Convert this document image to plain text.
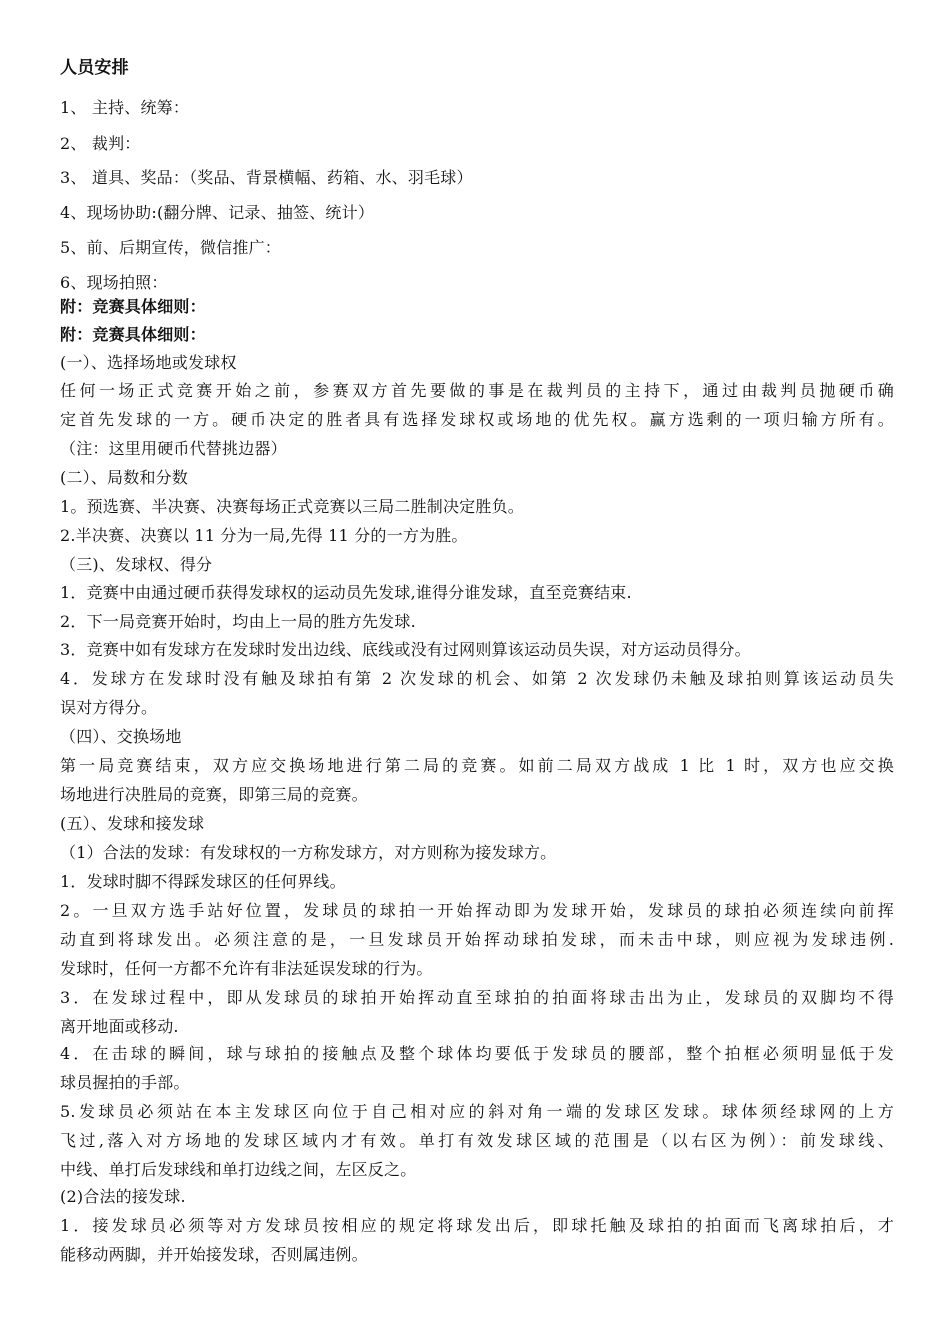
人员安排
1、 主持、统筹：
2、 裁判：
3、 道具、奖品：（奖品、背景横幅、药箱、水、羽毛球）
4、现场协助:(翻分牌、记录、抽签、统计）
5、前、后期宣传，微信推广：
6、现场拍照：
附：竞赛具体细则：
附：竞赛具体细则：
(一）、选择场地或发球权
任何一场正式竞赛开始之前，参赛双方首先要做的事是在裁判员的主持下，通过由裁判员抛硬币确
定首先发球的一方。硬币决定的胜者具有选择发球权或场地的优先权。赢方选剩的一项归输方所有。
（注：这里用硬币代替挑边器）
(二）、局数和分数
1。预选赛、半决赛、决赛每场正式竞赛以三局二胜制决定胜负。
2.半决赛、决赛以 11 分为一局,先得 11 分的一方为胜。
（三)、发球权、得分
1．竞赛中由通过硬币获得发球权的运动员先发球,谁得分谁发球，直至竞赛结束.
2．下一局竞赛开始时，均由上一局的胜方先发球.
3．竞赛中如有发球方在发球时发出边线、底线或没有过网则算该运动员失误，对方运动员得分。
4．发球方在发球时没有触及球拍有第 2 次发球的机会、如第 2 次发球仍未触及球拍则算该运动员失
误对方得分。
（四）、交换场地
第一局竞赛结束，双方应交换场地进行第二局的竞赛。如前二局双方战成 1 比 1 时，双方也应交换
场地进行决胜局的竞赛，即第三局的竞赛。
(五）、发球和接发球
（1）合法的发球：有发球权的一方称发球方，对方则称为接发球方。
1．发球时脚不得踩发球区的任何界线。
2。一旦双方选手站好位置，发球员的球拍一开始挥动即为发球开始，发球员的球拍必须连续向前挥
动直到将球发出。必须注意的是，一旦发球员开始挥动球拍发球，而未击中球，则应视为发球违例.
发球时，任何一方都不允许有非法延误发球的行为。
3．在发球过程中，即从发球员的球拍开始挥动直至球拍的拍面将球击出为止，发球员的双脚均不得
离开地面或移动.
4．在击球的瞬间，球与球拍的接触点及整个球体均要低于发球员的腰部，整个拍框必须明显低于发
球员握拍的手部。
5.发球员必须站在本主发球区向位于自己相对应的斜对角一端的发球区发球。球体须经球网的上方
飞过,落入对方场地的发球区域内才有效。单打有效发球区域的范围是（以右区为例）：前发球线、
中线、单打后发球线和单打边线之间，左区反之。
(2)合法的接发球.
1．接发球员必须等对方发球员按相应的规定将球发出后，即球托触及球拍的拍面而飞离球拍后，才
能移动两脚，并开始接发球，否则属违例。
